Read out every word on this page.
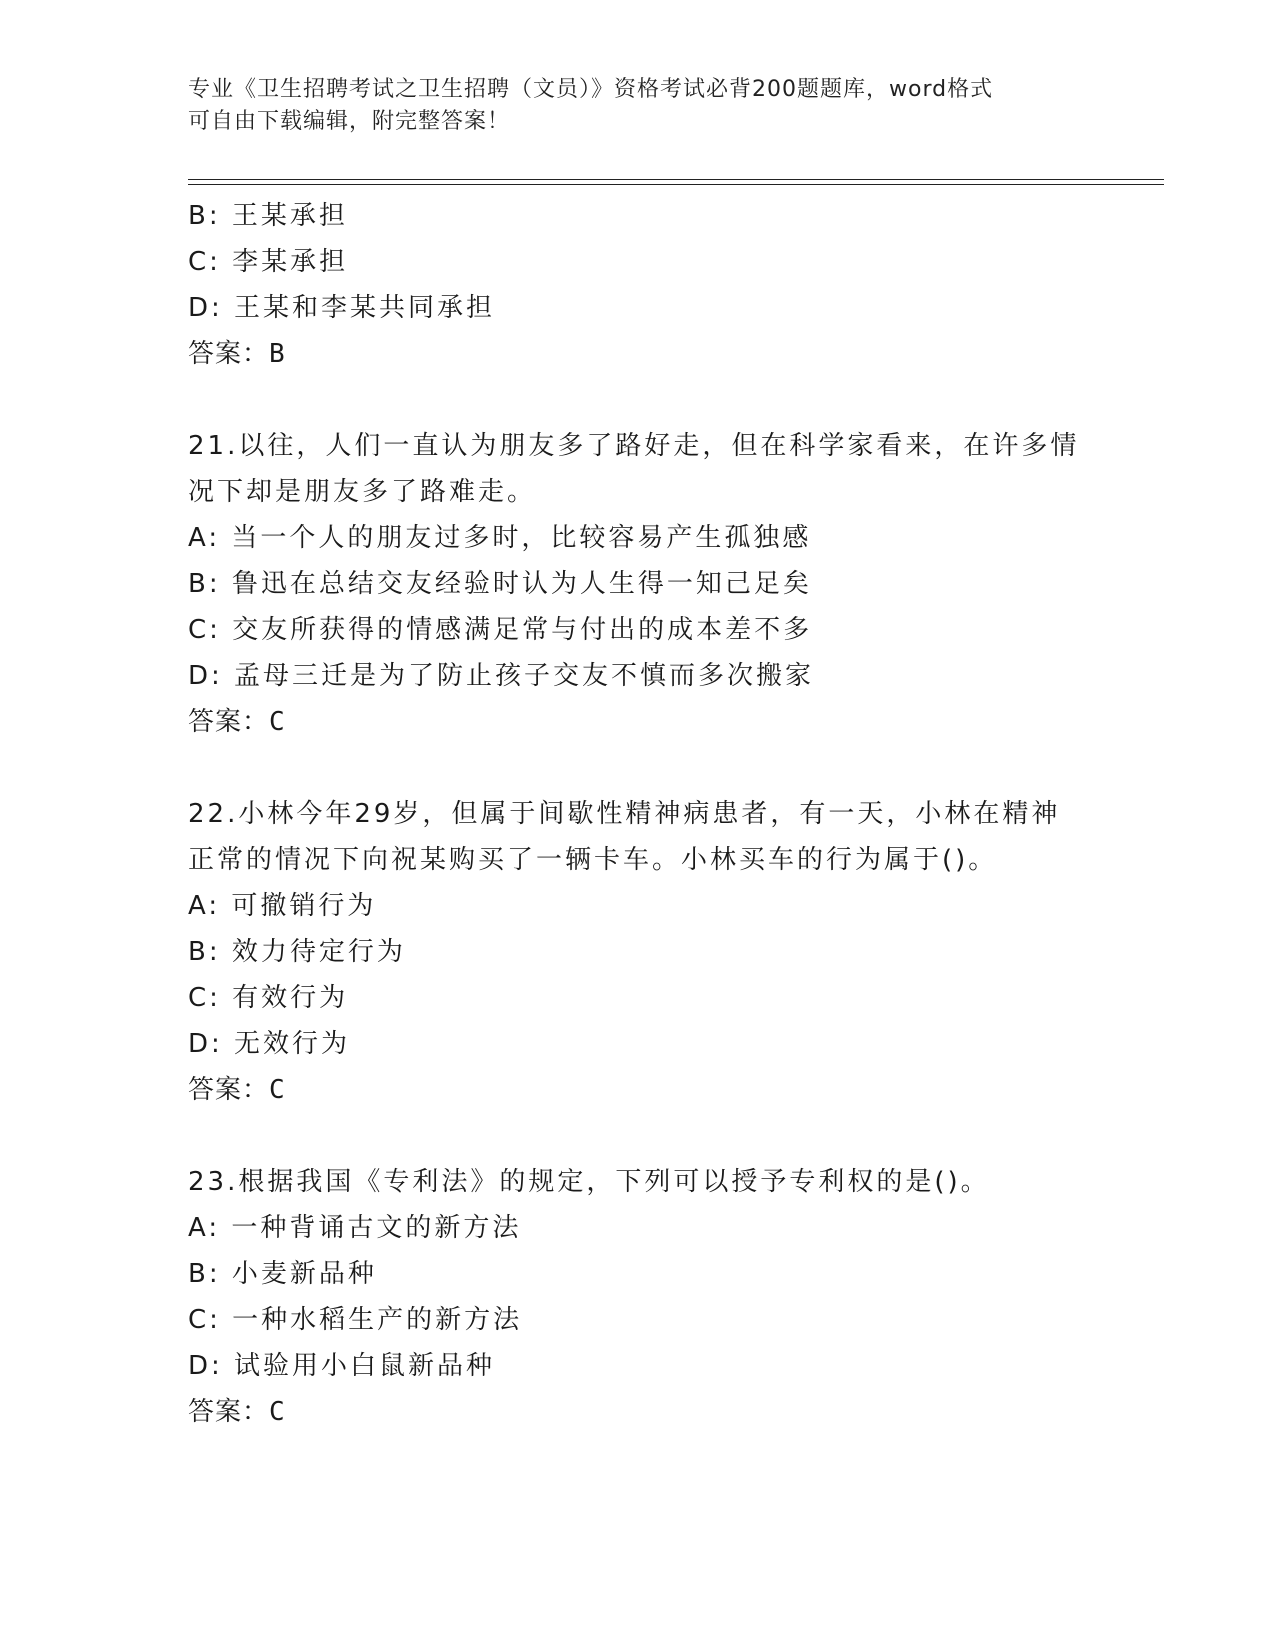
专业《卫生招聘考试之卫生招聘（文员）》资格考试必背200题题库，word格式

可自由下载编辑，附完整答案！

B: 王某承担
C: 李某承担
D: 王某和李某共同承担
答案：B
21.以往，人们一直认为朋友多了路好走，但在科学家看来，在许多情
况下却是朋友多了路难走。
A: 当一个人的朋友过多时，比较容易产生孤独感
B: 鲁迅在总结交友经验时认为人生得一知己足矣
C: 交友所获得的情感满足常与付出的成本差不多
D: 孟母三迁是为了防止孩子交友不慎而多次搬家
答案：C
22.小林今年29岁，但属于间歇性精神病患者，有一天，小林在精神
正常的情况下向祝某购买了一辆卡车。小林买车的行为属于()。
A: 可撤销行为
B: 效力待定行为
C: 有效行为
D: 无效行为
答案：C
23.根据我国《专利法》的规定，下列可以授予专利权的是()。
A: 一种背诵古文的新方法
B: 小麦新品种
C: 一种水稻生产的新方法
D: 试验用小白鼠新品种
答案：C
